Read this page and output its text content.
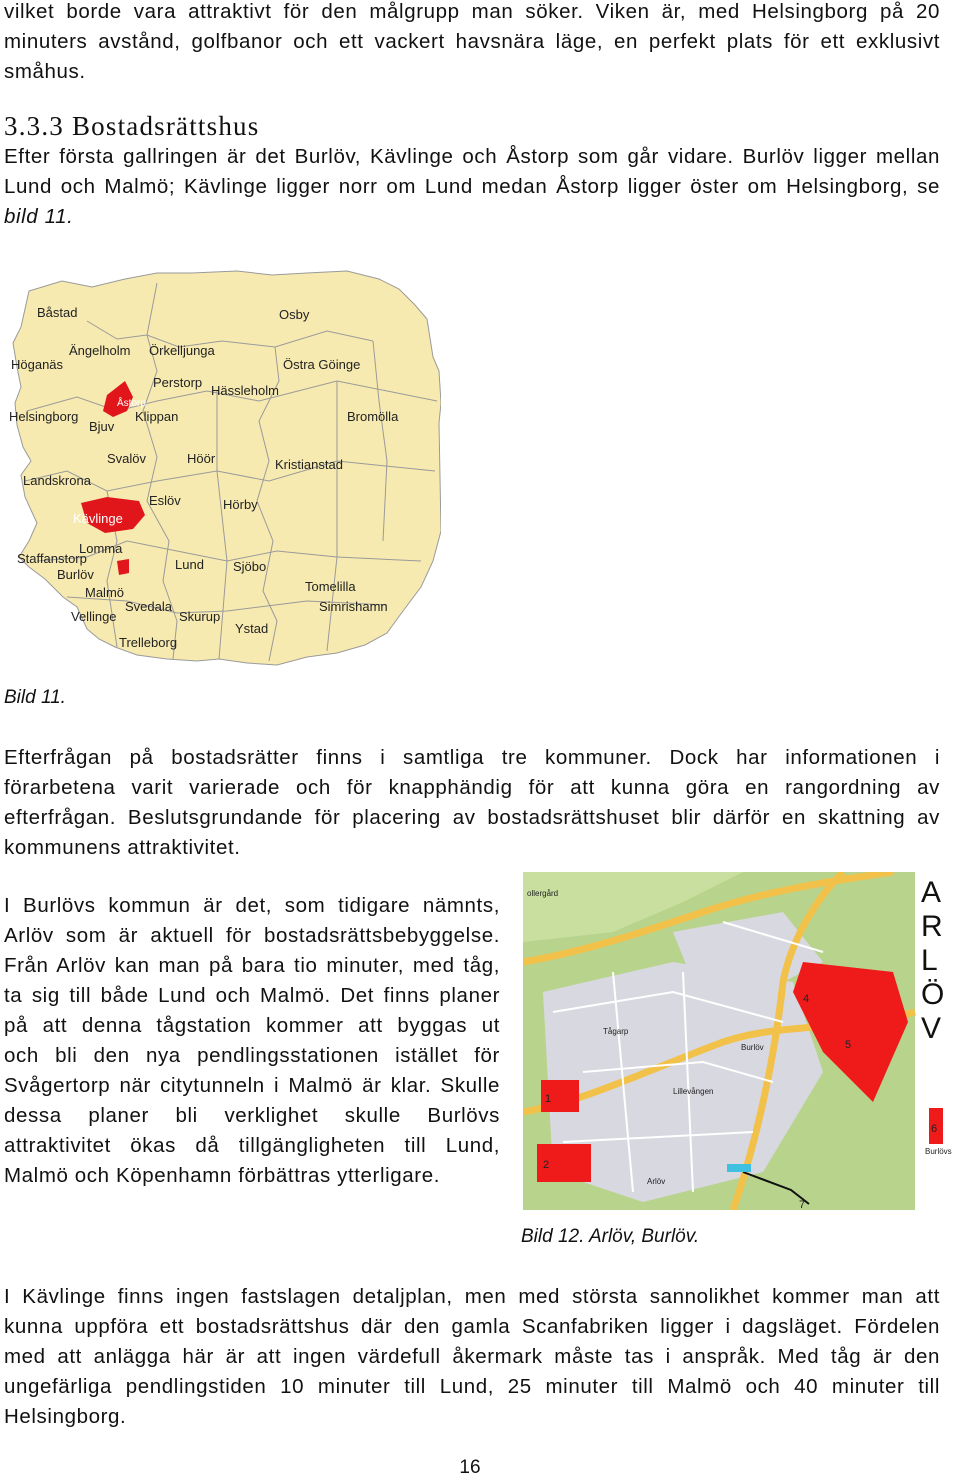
vilket borde vara attraktivt för den målgrupp man söker. Viken är, med Helsingborg på 20
minuters avstånd, golfbanor och ett vackert havsnära läge, en perfekt plats för ett exklusivt
småhus.
3.3.3 Bostadsrättshus
Efter första gallringen är det Burlöv, Kävlinge och Åstorp som går vidare. Burlöv ligger mellan
Lund och Malmö; Kävlinge ligger norr om Lund medan Åstorp ligger öster om Helsingborg, se
bild 11.
Båstad	Osby
Höganäs
Ängelholm Örkelljunga
Östra Göinge
Perstorp
Hässleholm
Åstorp
Helsingborg
Bjuv
Klippan	Bromölla
Svalöv	Höör	Kristianstad
Landskrona
Eslöv	Hörby
Kävlinge
Lomma
Staffanstorp
Burlöv
Lund Sjöbo
Tomelilla
Malmö
Svedala
Vellinge	Skurup
Simrishamn
Ystad
Trelleborg
Bild 11.
Efterfrågan på bostadsrätter finns i samtliga tre kommuner. Dock har informationen i
förarbetena varit varierade och för knapphändig för att kunna göra en rangordning av
efterfrågan. Beslutsgrundande för placering av bostadsrättshuset blir därför en skattning av
kommunens attraktivitet.
I Burlövs kommun är det, som tidigare nämnts,
Arlöv som är aktuell för bostadsrättsbebyggelse.
Från Arlöv kan man på bara tio minuter, med tåg,
ta sig till både Lund och Malmö. Det finns planer
på att denna tågstation kommer att byggas ut
och bli den nya pendlingsstationen istället för
Svågertorp när citytunneln i Malmö är klar. Skulle
dessa planer bli verklighet skulle Burlövs
attraktivitet ökas då tillgängligheten till Lund,
Malmö och Köpenhamn förbättras ytterligare.
ollergård
Tågarp
Burlöv
Lillevången
Arlöv
Burlövs
1
2
4
5
6
7
A
R
L
Ö
V
Bild 12. Arlöv, Burlöv.
I Kävlinge finns ingen fastslagen detaljplan, men med största sannolikhet kommer man att
kunna uppföra ett bostadsrättshus där den gamla Scanfabriken ligger i dagsläget. Fördelen
med att anlägga här är att ingen värdefull åkermark måste tas i anspråk. Med tåg är den
ungefärliga pendlingstiden 10 minuter till Lund, 25 minuter till Malmö och 40 minuter till
Helsingborg.
16
